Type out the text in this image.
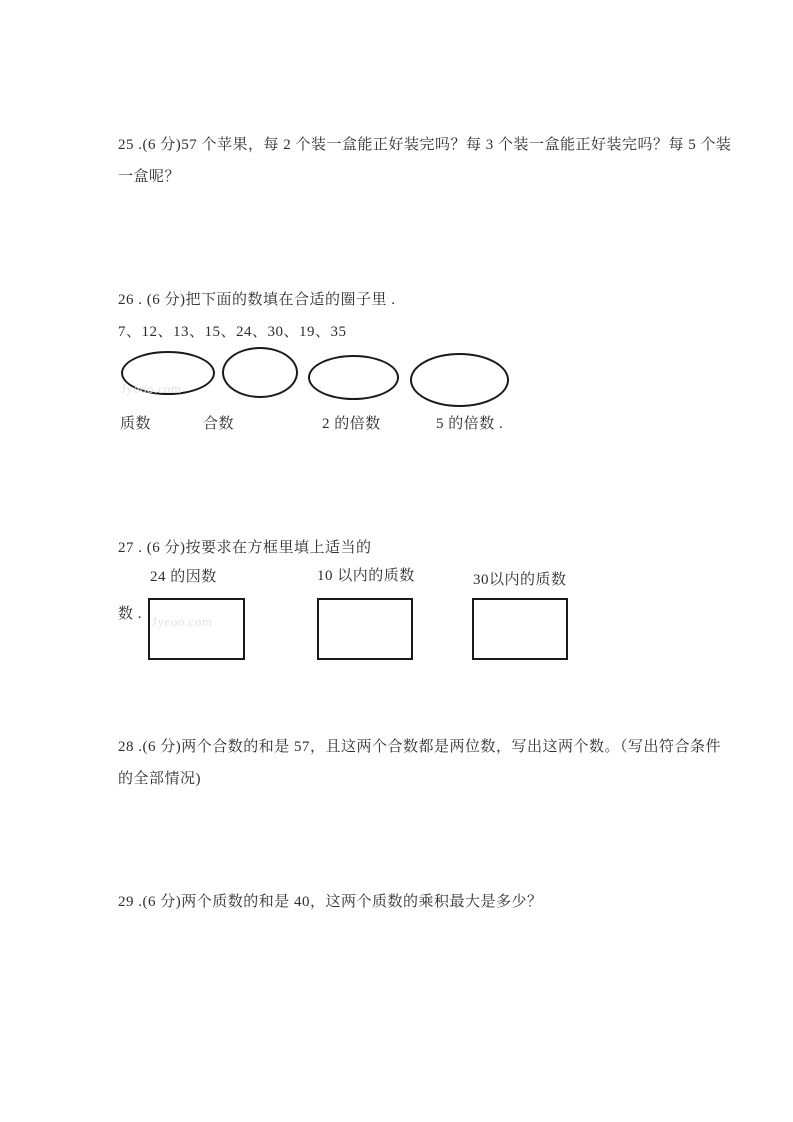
25 .(6 分)57 个苹果，每 2 个装一盒能正好装完吗？每 3 个装一盒能正好装完吗？每 5 个装
一盒呢？
26 . (6 分)把下面的数填在合适的圈子里 .
7、12、13、15、24、30、19、35
Jyeoo.com
质数	合数	2 的倍数	5 的倍数 .
27 . (6 分)按要求在方框里填上适当的
24 的因数	10 以内的质数	30以内的质数
数 . Jyeoo.com
28 .(6 分)两个合数的和是 57，且这两个合数都是两位数，写出这两个数。（写出符合条件
的全部情况)
29 .(6 分)两个质数的和是 40，这两个质数的乘积最大是多少？
